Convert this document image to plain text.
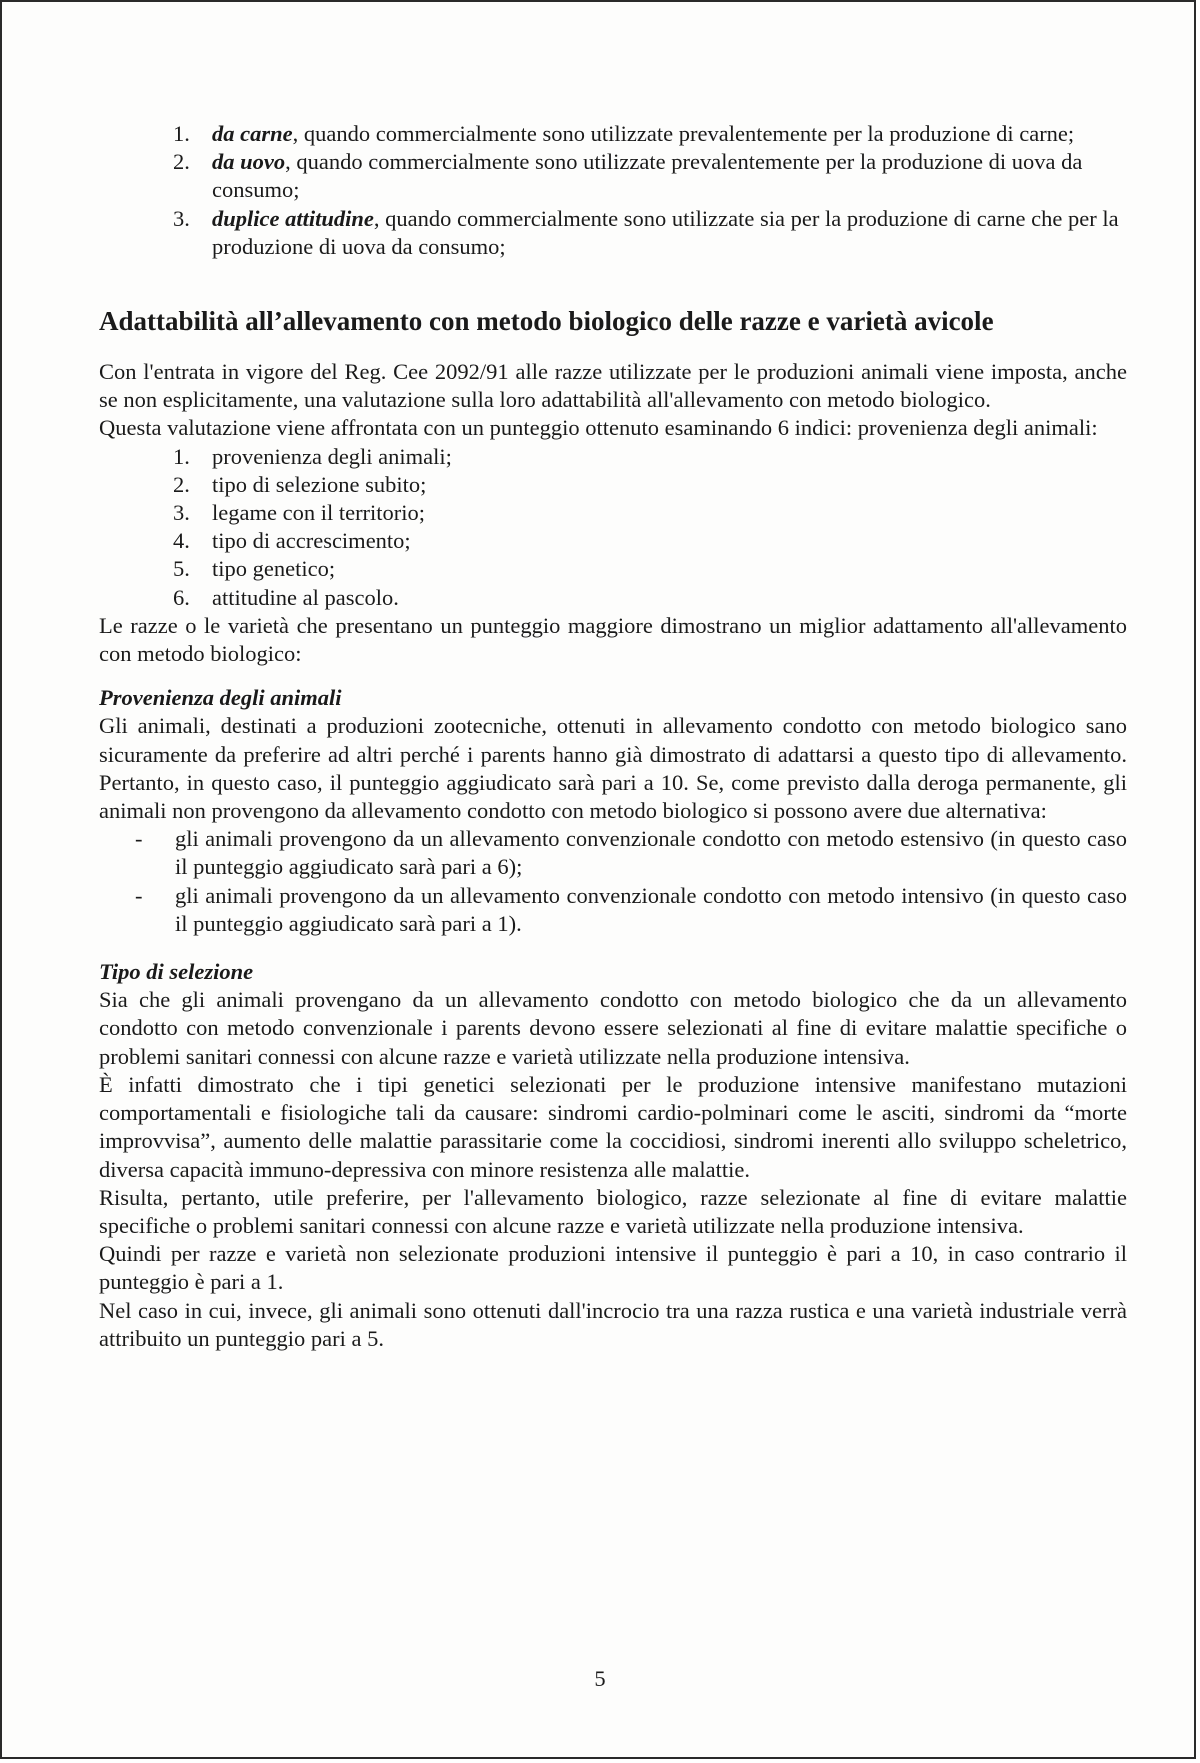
1. da carne, quando commercialmente sono utilizzate prevalentemente per la produzione di carne;
2. da uovo, quando commercialmente sono utilizzate prevalentemente per la produzione di uova da consumo;
3. duplice attitudine, quando commercialmente sono utilizzate sia per la produzione di carne che per la produzione di uova da consumo;
Adattabilità all’allevamento con metodo biologico delle razze e varietà avicole

Con l'entrata in vigore del Reg. Cee 2092/91 alle razze utilizzate per le produzioni animali viene imposta, anche se non esplicitamente, una valutazione sulla loro adattabilità all'allevamento con metodo biologico.

Questa valutazione viene affrontata con un punteggio ottenuto esaminando 6 indici: provenienza degli animali:

1. provenienza degli animali;
2. tipo di selezione subito;
3. legame con il territorio;
4. tipo di accrescimento;
5. tipo genetico;
6. attitudine al pascolo.

Le razze o le varietà che presentano un punteggio maggiore dimostrano un miglior adattamento all'allevamento con metodo biologico:

Provenienza degli animali

Gli animali, destinati a produzioni zootecniche, ottenuti in allevamento condotto con metodo biologico sano sicuramente da preferire ad altri perché i parents hanno già dimostrato di adattarsi a questo tipo di allevamento. Pertanto, in questo caso, il punteggio aggiudicato sarà pari a 10. Se, come previsto dalla deroga permanente, gli animali non provengono da allevamento condotto con metodo biologico si possono avere due alternativa:

- gli animali provengono da un allevamento convenzionale condotto con metodo estensivo (in questo caso il punteggio aggiudicato sarà pari a 6);
- gli animali provengono da un allevamento convenzionale condotto con metodo intensivo (in questo caso il punteggio aggiudicato sarà pari a 1).
Tipo di selezione

Sia che gli animali provengano da un allevamento condotto con metodo biologico che da un allevamento condotto con metodo convenzionale i parents devono essere selezionati al fine di evitare malattie specifiche o problemi sanitari connessi con alcune razze e varietà utilizzate nella produzione intensiva.

È infatti dimostrato che i tipi genetici selezionati per le produzione intensive manifestano mutazioni comportamentali e fisiologiche tali da causare: sindromi cardio-polminari come le asciti, sindromi da “morte improvvisa”, aumento delle malattie parassitarie come la coccidiosi, sindromi inerenti allo sviluppo scheletrico, diversa capacità immuno-depressiva con minore resistenza alle malattie.

Risulta, pertanto, utile preferire, per l'allevamento biologico, razze selezionate al fine di evitare malattie specifiche o problemi sanitari connessi con alcune razze e varietà utilizzate nella produzione intensiva.

Quindi per razze e varietà non selezionate produzioni intensive il punteggio è pari a 10, in caso contrario il punteggio è pari a 1.

Nel caso in cui, invece, gli animali sono ottenuti dall'incrocio tra una razza rustica e una varietà industriale verrà attribuito un punteggio pari a 5.

5
